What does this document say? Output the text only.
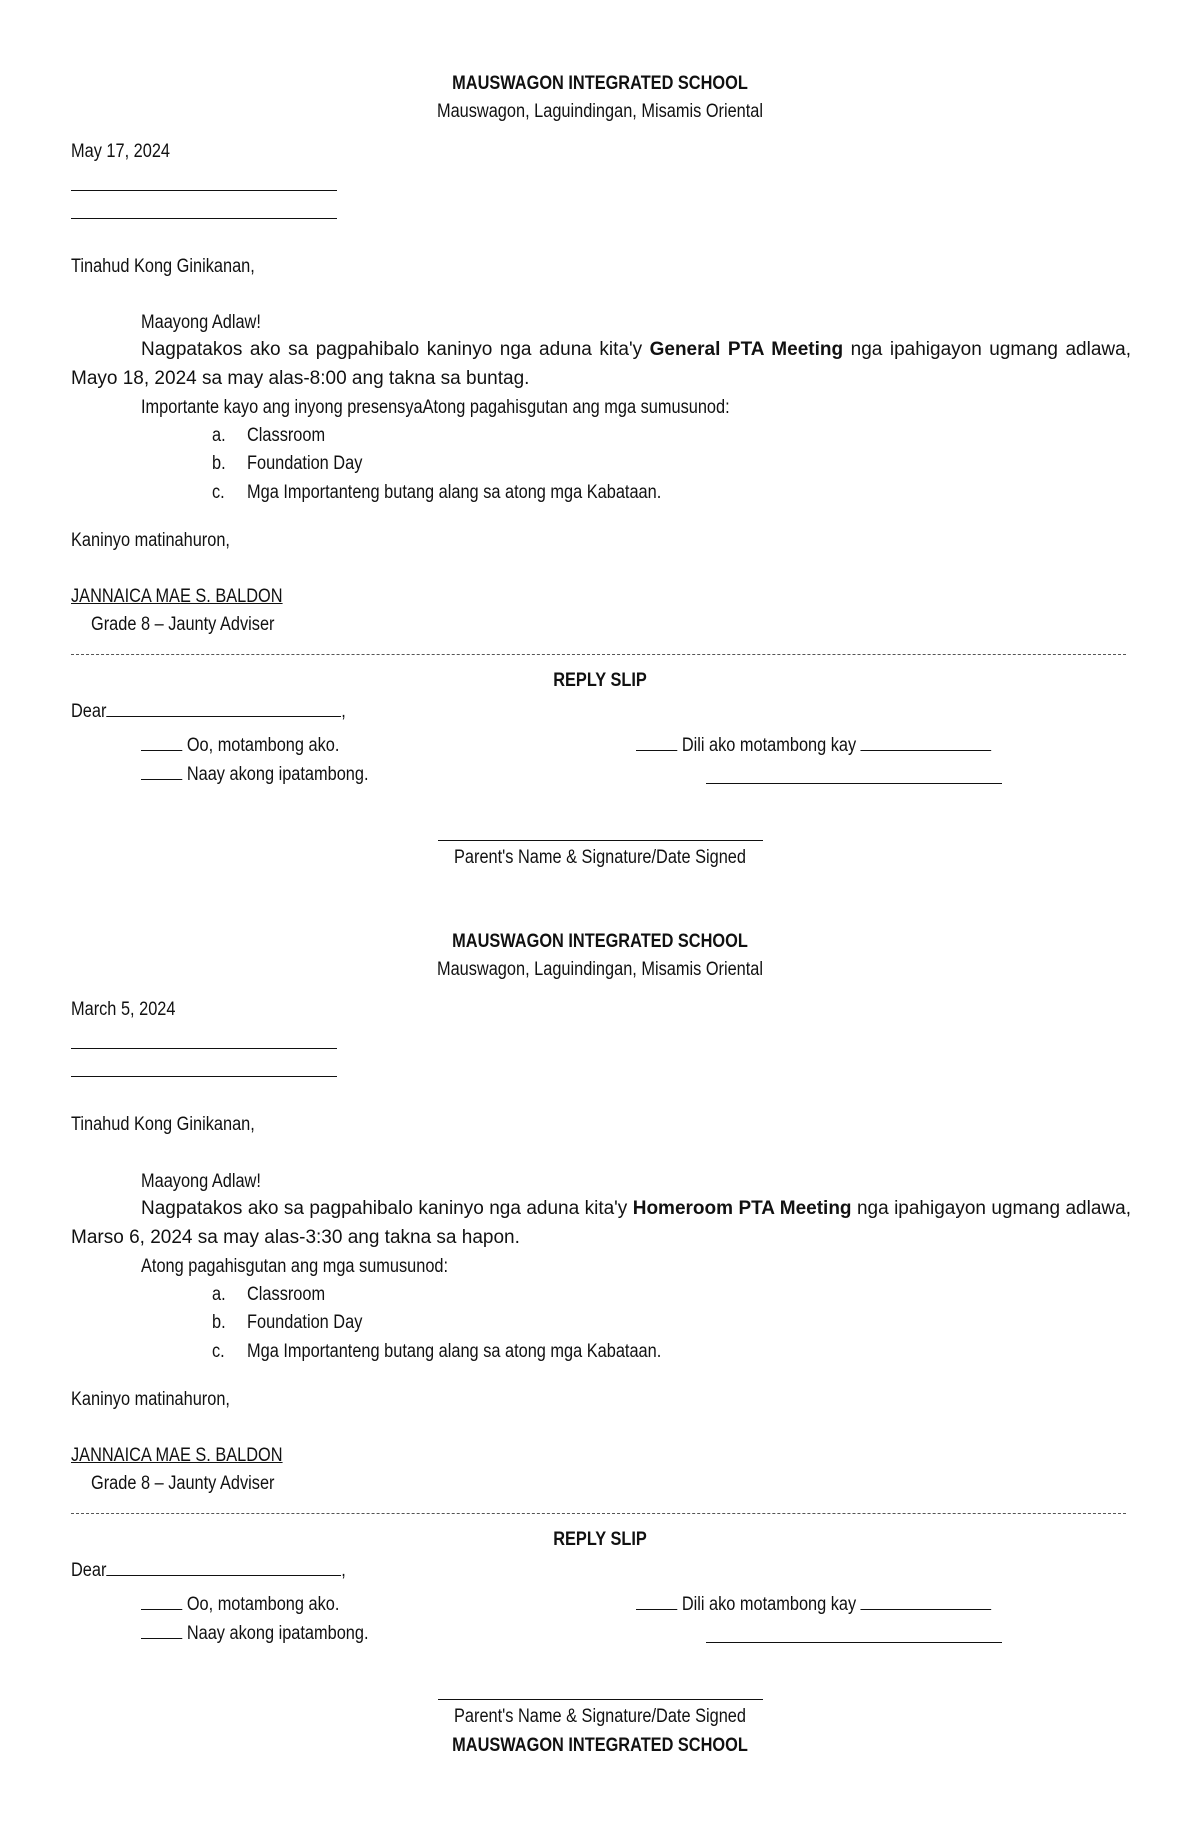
MAUSWAGON INTEGRATED SCHOOL
Mauswagon, Laguindingan, Misamis Oriental
May 17, 2024
Tinahud Kong Ginikanan,
Maayong Adlaw!
Nagpatakos ako sa pagpahibalo kaninyo nga aduna kita'y General PTA Meeting nga ipahigayon ugmang adlawa, Mayo 18, 2024 sa may alas-8:00 ang takna sa buntag.
Importante kayo ang inyong presensyaAtong pagahisgutan ang mga sumusunod:
a. Classroom
b. Foundation Day
c. Mga Importanteng butang alang sa atong mga Kabataan.
Kaninyo matinahuron,
JANNAICA MAE S. BALDON
Grade 8 – Jaunty Adviser
REPLY SLIP
Dear	,
Oo, motambong ako.
Naay akong ipatambong.
Dili ako motambong kay
Parent's Name & Signature/Date Signed
MAUSWAGON INTEGRATED SCHOOL
Mauswagon, Laguindingan, Misamis Oriental
March 5, 2024
Tinahud Kong Ginikanan,
Maayong Adlaw!
Nagpatakos ako sa pagpahibalo kaninyo nga aduna kita'y Homeroom PTA Meeting nga ipahigayon ugmang adlawa, Marso 6, 2024 sa may alas-3:30 ang takna sa hapon.
Atong pagahisgutan ang mga sumusunod:
a. Classroom
b. Foundation Day
c. Mga Importanteng butang alang sa atong mga Kabataan.
Kaninyo matinahuron,
JANNAICA MAE S. BALDON
Grade 8 – Jaunty Adviser
REPLY SLIP
Dear	,
Oo, motambong ako.
Naay akong ipatambong.
Dili ako motambong kay
Parent's Name & Signature/Date Signed
MAUSWAGON INTEGRATED SCHOOL
